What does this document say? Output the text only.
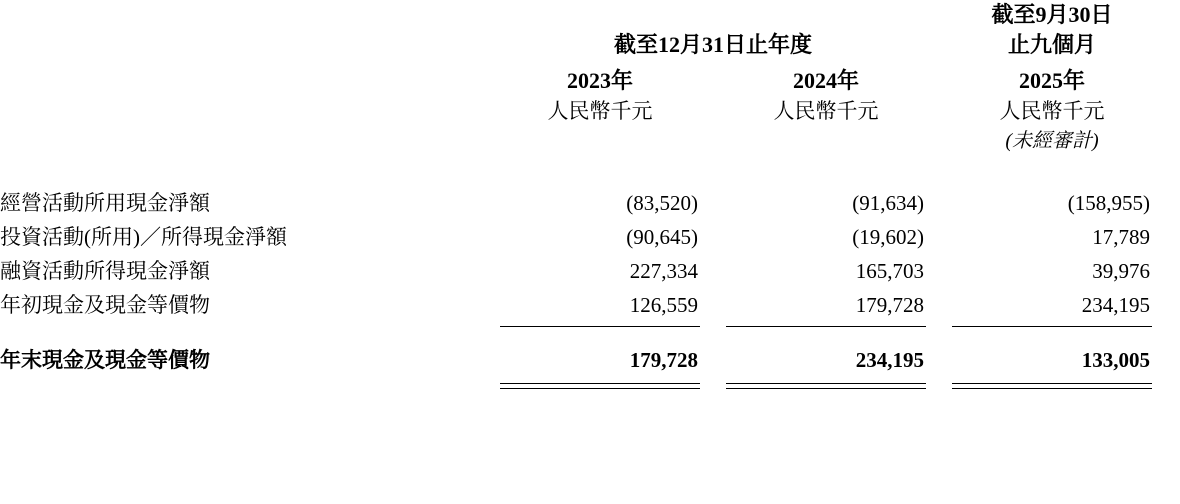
					截至9月30日	
	截至12月31日止年度				止九個月	

	2023年		2024年		2025年	
	人民幣千元		人民幣千元		人民幣千元	
					(未經審計)	

經營活動所用現金淨額	(83,520)		(91,634)		(158,955)	
投資活動(所用)／所得現金淨額	(90,645)		(19,602)		17,789	
融資活動所得現金淨額	227,334		165,703		39,976	
年初現金及現金等價物	126,559		179,728		234,195	

年末現金及現金等價物	179,728		234,195		133,005	
